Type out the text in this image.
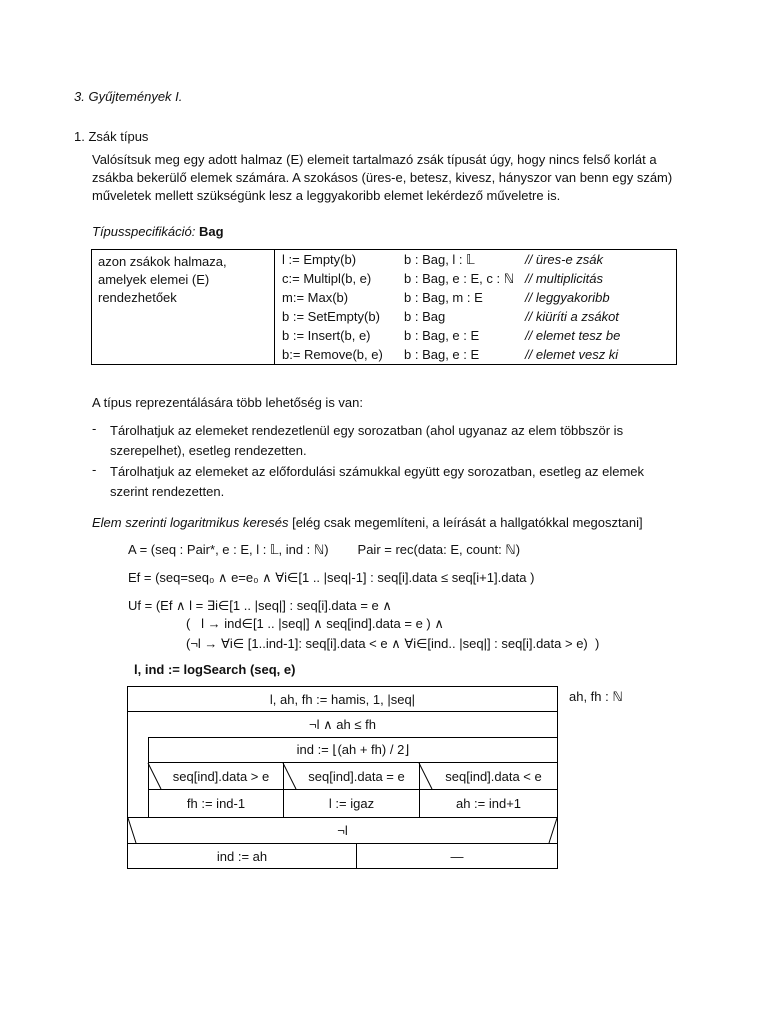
3. Gyűjtemények I.
1. Zsák típus
Valósítsuk meg egy adott halmaz (E) elemeit tartalmazó zsák típusát úgy, hogy nincs felső korlát a
zsákba bekerülő elemek számára. A szokásos (üres-e, betesz, kivesz, hányszor van benn egy szám)
műveletek mellett szükségünk lesz a leggyakoribb elemet lekérdező műveletre is.
Típusspecifikáció: Bag
azon zsákok halmaza,
amelyek elemei (E)
rendezhetőek
l := Empty(b)	b : Bag, l : 𝕃	// üres-e zsák
c:= Multipl(b, e)	b : Bag, e : E, c : ℕ // multiplicitás
m:= Max(b)	b : Bag, m : E	// leggyakoribb
b := SetEmpty(b) b : Bag	// kiüríti a zsákot
b := Insert(b, e)	b : Bag, e : E	// elemet tesz be
b:= Remove(b, e) b : Bag, e : E	// elemet vesz ki
A típus reprezentálására több lehetőség is van:
- Tárolhatjuk az elemeket rendezetlenül egy sorozatban (ahol ugyanaz az elem többször is
szerepelhet), esetleg rendezetten.
- Tárolhatjuk az elemeket az előfordulási számukkal együtt egy sorozatban, esetleg az elemek
szerint rendezetten.
Elem szerinti logaritmikus keresés [elég csak megemlíteni, a leírását a hallgatókkal megosztani]
A = (seq : Pair*, e : E, l : 𝕃, ind : ℕ)        Pair = rec(data: E, count: ℕ)
Ef = (seq=seq₀ ∧ e=e₀ ∧ ∀i∈[1 .. |seq|-1] : seq[i].data ≤ seq[i+1].data )
Uf = (Ef ∧ l = ∃i∈[1 .. |seq|] : seq[i].data = e ∧
(   l → ind∈[1 .. |seq|] ∧ seq[ind].data = e ) ∧
(¬l → ∀i∈ [1..ind-1]: seq[i].data < e ∧ ∀i∈[ind.. |seq|] : seq[i].data > e)  )
l, ind := logSearch (seq, e)
l, ah, fh := hamis, 1, |seq|	ah, fh : ℕ
¬l ∧ ah ≤ fh
ind := ⌊(ah + fh) / 2⌋
seq[ind].data > e	seq[ind].data = e	seq[ind].data < e
fh := ind-1	l := igaz	ah := ind+1
¬l
ind := ah	—
